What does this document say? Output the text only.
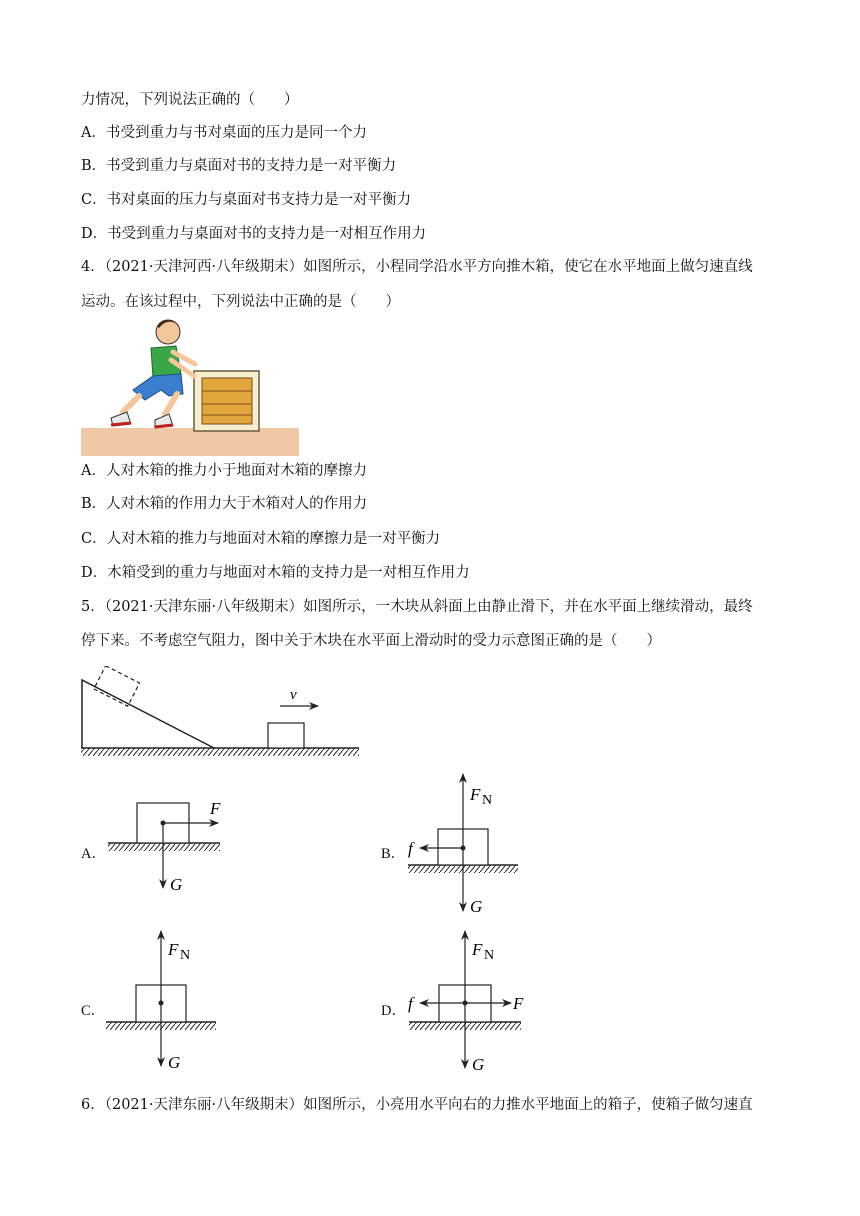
力情况，下列说法正确的（　　）
A．书受到重力与书对桌面的压力是同一个力
B．书受到重力与桌面对书的支持力是一对平衡力
C．书对桌面的压力与桌面对书支持力是一对平衡力
D．书受到重力与桌面对书的支持力是一对相互作用力
4．（2021·天津河西·八年级期末）如图所示，小程同学沿水平方向推木箱，使它在水平地面上做匀速直线
运动。在该过程中，下列说法中正确的是（　　）
A．人对木箱的推力小于地面对木箱的摩擦力
B．人对木箱的作用力大于木箱对人的作用力
C．人对木箱的推力与地面对木箱的摩擦力是一对平衡力
D．木箱受到的重力与地面对木箱的支持力是一对相互作用力
5．（2021·天津东丽·八年级期末）如图所示，一木块从斜面上由静止滑下，并在水平面上继续滑动，最终
停下来。不考虑空气阻力，图中关于木块在水平面上滑动时的受力示意图正确的是（　　）
v
A．
F
G
B．
F N
G
f
C．
F N
G
D．
F N
G
f	F
6．（2021·天津东丽·八年级期末）如图所示，小亮用水平向右的力推水平地面上的箱子，使箱子做匀速直
